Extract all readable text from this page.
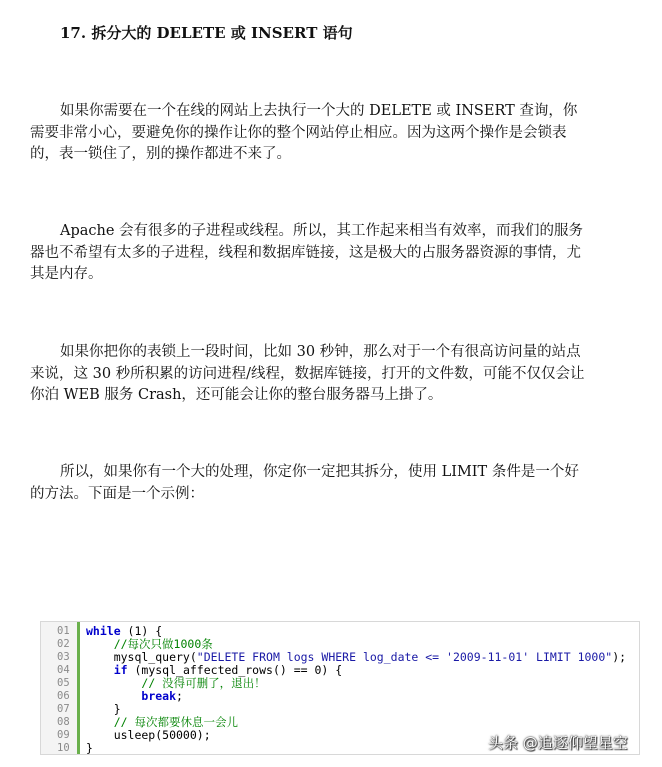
17. 拆分大的 DELETE 或 INSERT 语句

如果你需要在一个在线的网站上去执行一个大的 DELETE 或 INSERT 查询，你需要非常小心，要避免你的操作让你的整个网站停止相应。因为这两个操作是会锁表的，表一锁住了，别的操作都进不来了。

Apache 会有很多的子进程或线程。所以，其工作起来相当有效率，而我们的服务器也不希望有太多的子进程，线程和数据库链接，这是极大的占服务器资源的事情，尤其是内存。

如果你把你的表锁上一段时间，比如 30 秒钟，那么对于一个有很高访问量的站点来说，这 30 秒所积累的访问进程/线程，数据库链接，打开的文件数，可能不仅仅会让你泊 WEB 服务 Crash，还可能会让你的整台服务器马上掛了。

所以，如果你有一个大的处理，你定你一定把其拆分，使用 LIMIT 条件是一个好的方法。下面是一个示例：

01	while (1) {
02	//每次只做1000条
03	mysql_query("DELETE FROM logs WHERE log_date <= '2009-11-01' LIMIT 1000");
04	if (mysql_affected_rows() == 0) {
05	// 没得可删了，退出！
06	break;
07	}
08	// 每次都要休息一会儿
09	usleep(50000);
10	}	头条 @追逐仰望星空
